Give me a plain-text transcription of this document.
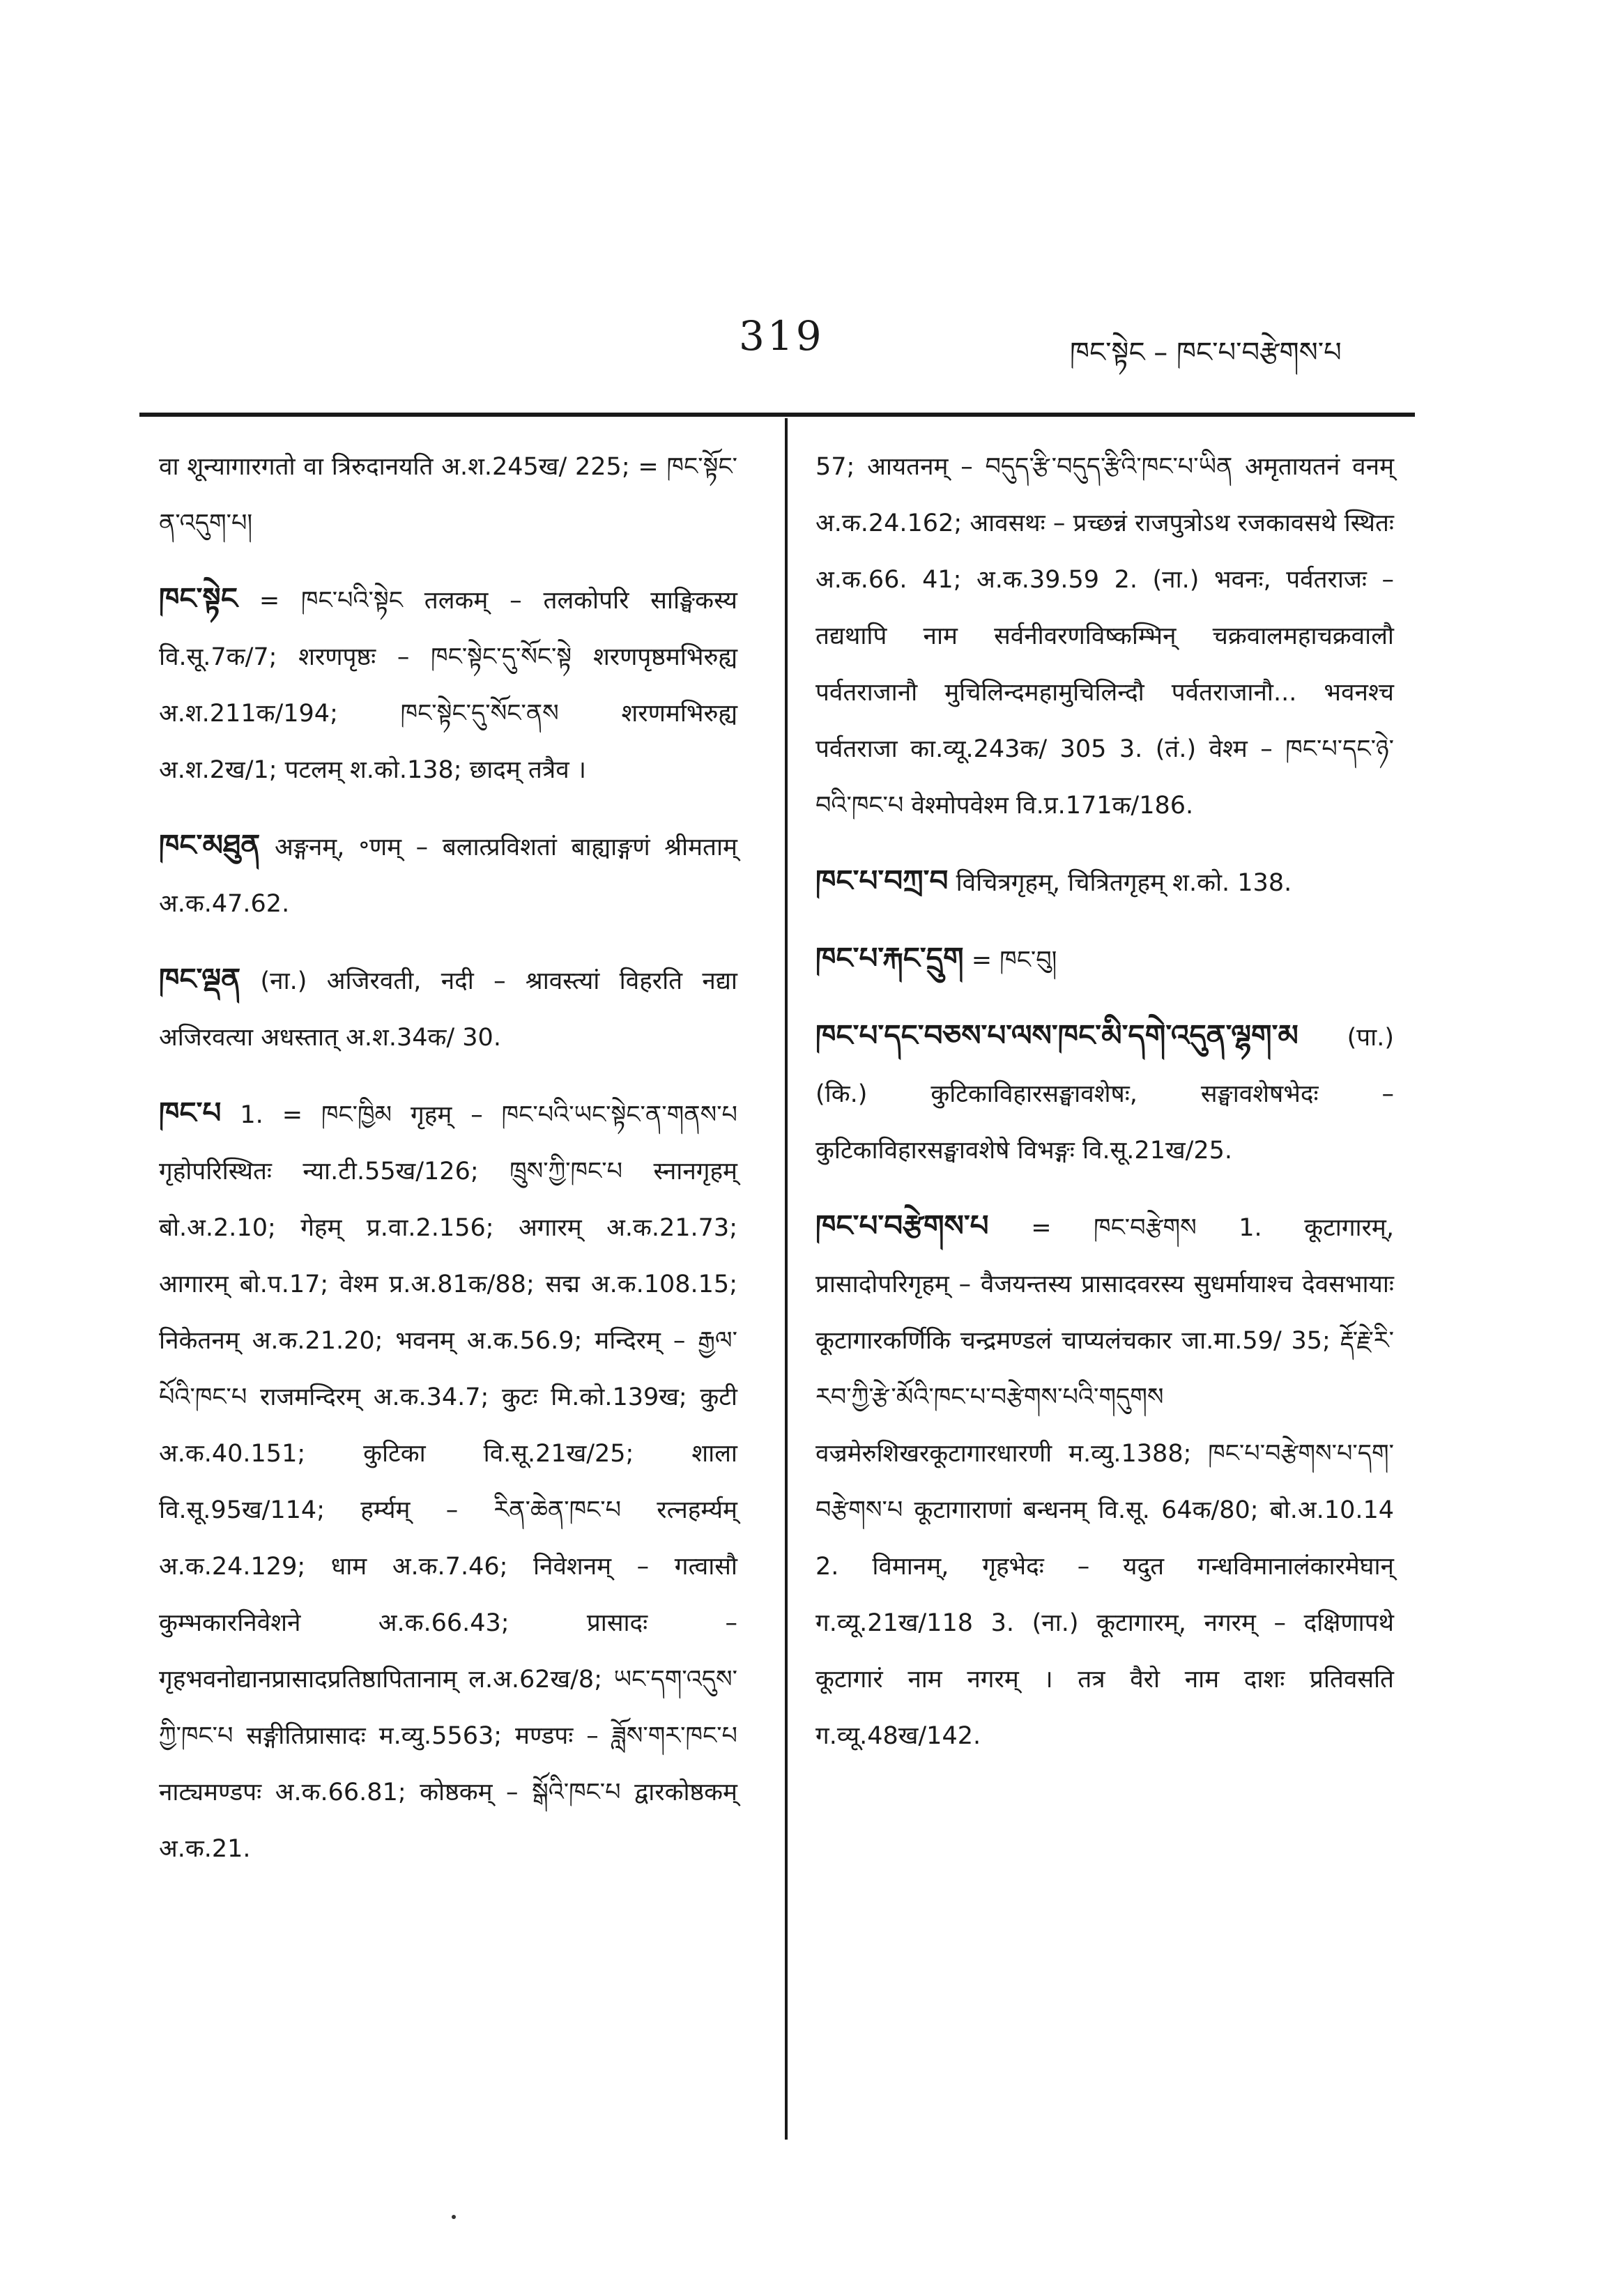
319	ཁང་སྟེང – ཁང་པ་བརྩེགས་པ

वा शून्यागारगतो वा त्रिरुदानयति अ.श.245ख/ 225; = ཁང་སྟོང་ན་འདུག་པ།

ཁང་སྟེང = ཁང་པའི་སྟེང तलकम् – तलकोपरि साङ्घिकस्य वि.सू.7क/7; शरणपृष्ठः – ཁང་སྟེང་དུ་སོང་སྟེ शरणपृष्ठमभिरुह्य अ.श.211क/194; ཁང་སྟེང་དུ་སོང་ནས शरणमभिरुह्य अ.श.2ख/1; पटलम् श.को.138; छादम् तत्रैव ।

ཁང་མཐུན अङ्गनम्, ॰णम् – बलात्प्रविशतां बाह्याङ्गणं श्रीमताम् अ.क.47.62.

ཁང་ལྡན (ना.) अजिरवती, नदी – श्रावस्त्यां विहरति नद्या अजिरवत्या अधस्तात् अ.श.34क/ 30.

ཁང་པ 1. = ཁང་ཁྱིམ गृहम् – ཁང་པའི་ཡང་སྟེང་ན་གནས་པ गृहोपरिस्थितः न्या.टी.55ख/126; ཁྲུས་ཀྱི་ཁང་པ स्नानगृहम् बो.अ.2.10; गेहम् प्र.वा.2.156; अगारम् अ.क.21.73; आगारम् बो.प.17; वेश्म प्र.अ.81क/88; सद्म अ.क.108.15; निकेतनम् अ.क.21.20; भवनम् अ.क.56.9; मन्दिरम् – རྒྱལ་པོའི་ཁང་པ राजमन्दिरम् अ.क.34.7; कुटः मि.को.139ख; कुटी अ.क.40.151; कुटिका वि.सू.21ख/25; शाला वि.सू.95ख/114; हर्म्यम् – རིན་ཆེན་ཁང་པ रत्नहर्म्यम् अ.क.24.129; धाम अ.क.7.46; निवेशनम् – गत्वासौ कुम्भकारनिवेशने अ.क.66.43; प्रासादः – गृहभवनोद्यानप्रासादप्रतिष्ठापितानाम् ल.अ.62ख/8; ཡང་དག་འདུས་ཀྱི་ཁང་པ सङ्गीतिप्रासादः म.व्यु.5563; मण्डपः – ཟློས་གར་ཁང་པ नाट्यमण्डपः अ.क.66.81; कोष्ठकम् – སྒོའི་ཁང་པ द्वारकोष्ठकम् अ.क.21.

57; आयतनम् – བདུད་རྩི་བདུད་རྩིའི་ཁང་པ་ཡིན अमृतायतनं वनम् अ.क.24.162; आवसथः – प्रच्छन्नं राजपुत्रोऽथ रजकावसथे स्थितः अ.क.66. 41; अ.क.39.59 2. (ना.) भवनः, पर्वतराजः – तद्यथापि नाम सर्वनीवरणविष्कम्भिन् चक्रवालमहाचक्रवालौ पर्वतराजानौ मुचिलिन्दमहामुचिलिन्दौ पर्वतराजानौ... भवनश्च पर्वतराजा का.व्यू.243क/ 305 3. (तं.) वेश्म – ཁང་པ་དང་ཉེ་བའི་ཁང་པ वेश्मोपवेश्म वि.प्र.171क/186.

ཁང་པ་བཀྲ་བ विचित्रगृहम्, चित्रितगृहम् श.को. 138.

ཁང་པ་རྐང་དྲུག = ཁང་བུ།

ཁང་པ་དང་བཅས་པ་ལས་ཁང་མི་དགེ་འདུན་ལྷག་མ (पा.) (कि.) कुटिकाविहारसङ्घावशेषः, सङ्घावशेषभेदः – कुटिकाविहारसङ्घावशेषे विभङ्गः वि.सू.21ख/25.

ཁང་པ་བརྩེགས་པ = ཁང་བརྩེགས 1. कूटागारम्, प्रासादोपरिगृहम् – वैजयन्तस्य प्रासादवरस्य सुधर्मायाश्च देवसभायाः कूटागारकर्णिकि चन्द्रमण्डलं चाप्यलंचकार जा.मा.59/ 35; རྡོ་རྗེ་རི་རབ་ཀྱི་རྩེ་མོའི་ཁང་པ་བརྩེགས་པའི་གདུགས वज्रमेरुशिखरकूटागारधारणी म.व्यु.1388; ཁང་པ་བརྩེགས་པ་དག་བརྩེགས་པ कूटागाराणां बन्धनम् वि.सू. 64क/80; बो.अ.10.14 2. विमानम्, गृहभेदः – यदुत गन्धविमानालंकारमेघान् ग.व्यू.21ख/118 3. (ना.) कूटागारम्, नगरम् – दक्षिणापथे कूटागारं नाम नगरम् । तत्र वैरो नाम दाशः प्रतिवसति ग.व्यू.48ख/142.
